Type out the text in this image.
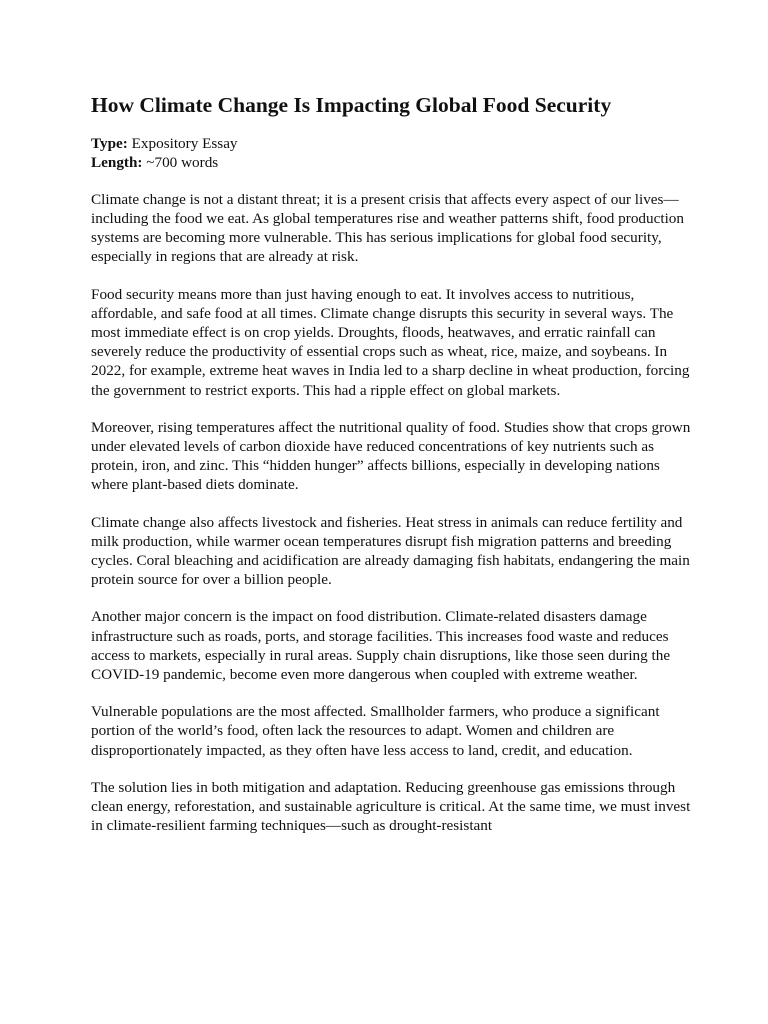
How Climate Change Is Impacting Global Food Security
Type: Expository Essay
Length: ~700 words

Climate change is not a distant threat; it is a present crisis that affects every aspect of our lives—including the food we eat. As global temperatures rise and weather patterns shift, food production systems are becoming more vulnerable. This has serious implications for global food security, especially in regions that are already at risk.

Food security means more than just having enough to eat. It involves access to nutritious, affordable, and safe food at all times. Climate change disrupts this security in several ways. The most immediate effect is on crop yields. Droughts, floods, heatwaves, and erratic rainfall can severely reduce the productivity of essential crops such as wheat, rice, maize, and soybeans. In 2022, for example, extreme heat waves in India led to a sharp decline in wheat production, forcing the government to restrict exports. This had a ripple effect on global markets.

Moreover, rising temperatures affect the nutritional quality of food. Studies show that crops grown under elevated levels of carbon dioxide have reduced concentrations of key nutrients such as protein, iron, and zinc. This “hidden hunger” affects billions, especially in developing nations where plant-based diets dominate.

Climate change also affects livestock and fisheries. Heat stress in animals can reduce fertility and milk production, while warmer ocean temperatures disrupt fish migration patterns and breeding cycles. Coral bleaching and acidification are already damaging fish habitats, endangering the main protein source for over a billion people.

Another major concern is the impact on food distribution. Climate-related disasters damage infrastructure such as roads, ports, and storage facilities. This increases food waste and reduces access to markets, especially in rural areas. Supply chain disruptions, like those seen during the COVID-19 pandemic, become even more dangerous when coupled with extreme weather.

Vulnerable populations are the most affected. Smallholder farmers, who produce a significant portion of the world’s food, often lack the resources to adapt. Women and children are disproportionately impacted, as they often have less access to land, credit, and education.

The solution lies in both mitigation and adaptation. Reducing greenhouse gas emissions through clean energy, reforestation, and sustainable agriculture is critical. At the same time, we must invest in climate-resilient farming techniques—such as drought-resistant
